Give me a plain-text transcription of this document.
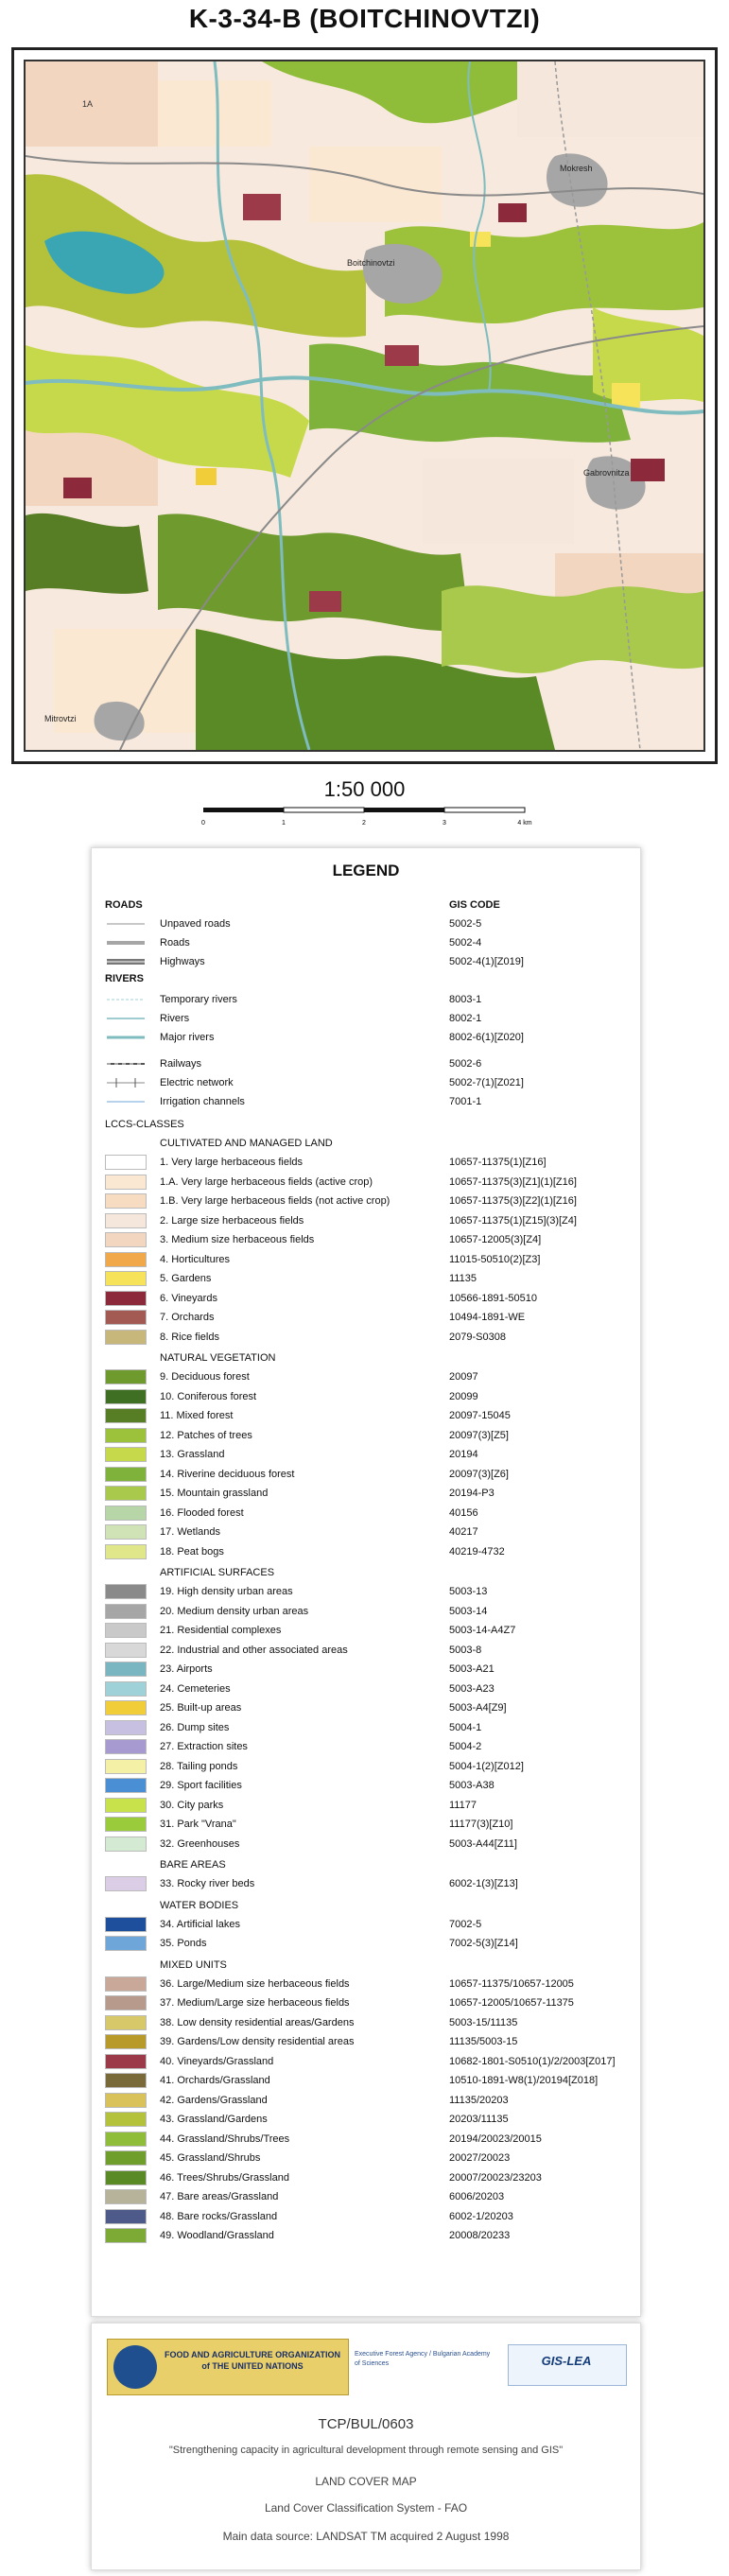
K-3-34-B (BOITCHINOVTZI)
Mokresh
Boitchinovtzi
Gabrovnitza
Mitrovtzi
1A
1:50 000
0	1	2	3	4 km
LEGEND
ROADS	GIS CODE
Unpaved roads	5002-5
Roads	5002-4
Highways	5002-4(1)[Z019]
RIVERS
Temporary rivers	8003-1
Rivers	8002-1
Major rivers	8002-6(1)[Z020]
Railways	5002-6
Electric network	5002-7(1)[Z021]
Irrigation channels	7001-1
LCCS-CLASSES
CULTIVATED AND MANAGED LAND
1. Very large herbaceous fields	10657-11375(1)[Z16]
1.A. Very large herbaceous fields (active crop)	10657-11375(3)[Z1](1)[Z16]
1.B. Very large herbaceous fields (not active crop)	10657-11375(3)[Z2](1)[Z16]
2. Large size herbaceous fields	10657-11375(1)[Z15](3)[Z4]
3. Medium size herbaceous fields	10657-12005(3)[Z4]
4. Horticultures	11015-50510(2)[Z3]
5. Gardens	11135
6. Vineyards	10566-1891-50510
7. Orchards	10494-1891-WE
8. Rice fields	2079-S0308
NATURAL VEGETATION
9. Deciduous forest	20097
10. Coniferous forest	20099
11. Mixed forest	20097-15045
12. Patches of trees	20097(3)[Z5]
13. Grassland	20194
14. Riverine deciduous forest	20097(3)[Z6]
15. Mountain grassland	20194-P3
16. Flooded forest	40156
17. Wetlands	40217
18. Peat bogs	40219-4732
ARTIFICIAL SURFACES
19. High density urban areas	5003-13
20. Medium density urban areas	5003-14
21. Residential complexes	5003-14-A4Z7
22. Industrial and other associated areas	5003-8
23. Airports	5003-A21
24. Cemeteries	5003-A23
25. Built-up areas	5003-A4[Z9]
26. Dump sites	5004-1
27. Extraction sites	5004-2
28. Tailing ponds	5004-1(2)[Z012]
29. Sport facilities	5003-A38
30. City parks	11177
31. Park "Vrana"	11177(3)[Z10]
32. Greenhouses	5003-A44[Z11]
BARE AREAS
33. Rocky river beds	6002-1(3)[Z13]
WATER BODIES
34. Artificial lakes	7002-5
35. Ponds	7002-5(3)[Z14]
MIXED UNITS
36. Large/Medium size herbaceous fields	10657-11375/10657-12005
37. Medium/Large size herbaceous fields	10657-12005/10657-11375
38. Low density residential areas/Gardens	5003-15/11135
39. Gardens/Low density residential areas	11135/5003-15
40. Vineyards/Grassland	10682-1801-S0510(1)/2/2003[Z017]
41. Orchards/Grassland	10510-1891-W8(1)/20194[Z018]
42. Gardens/Grassland	11135/20203
43. Grassland/Gardens	20203/11135
44. Grassland/Shrubs/Trees	20194/20023/20015
45. Grassland/Shrubs	20027/20023
46. Trees/Shrubs/Grassland	20007/20023/23203
47. Bare areas/Grassland	6006/20203
48. Bare rocks/Grassland	6002-1/20203
49. Woodland/Grassland	20008/20233
FOOD AND AGRICULTURE ORGANIZATION of THE UNITED NATIONS
Executive Forest Agency / Bulgarian Academy of Sciences	GIS-LEA
TCP/BUL/0603
"Strengthening capacity in agricultural development through remote sensing and GIS"
LAND COVER MAP
Land Cover Classification System - FAO
Main data source: LANDSAT TM acquired 2 August 1998
